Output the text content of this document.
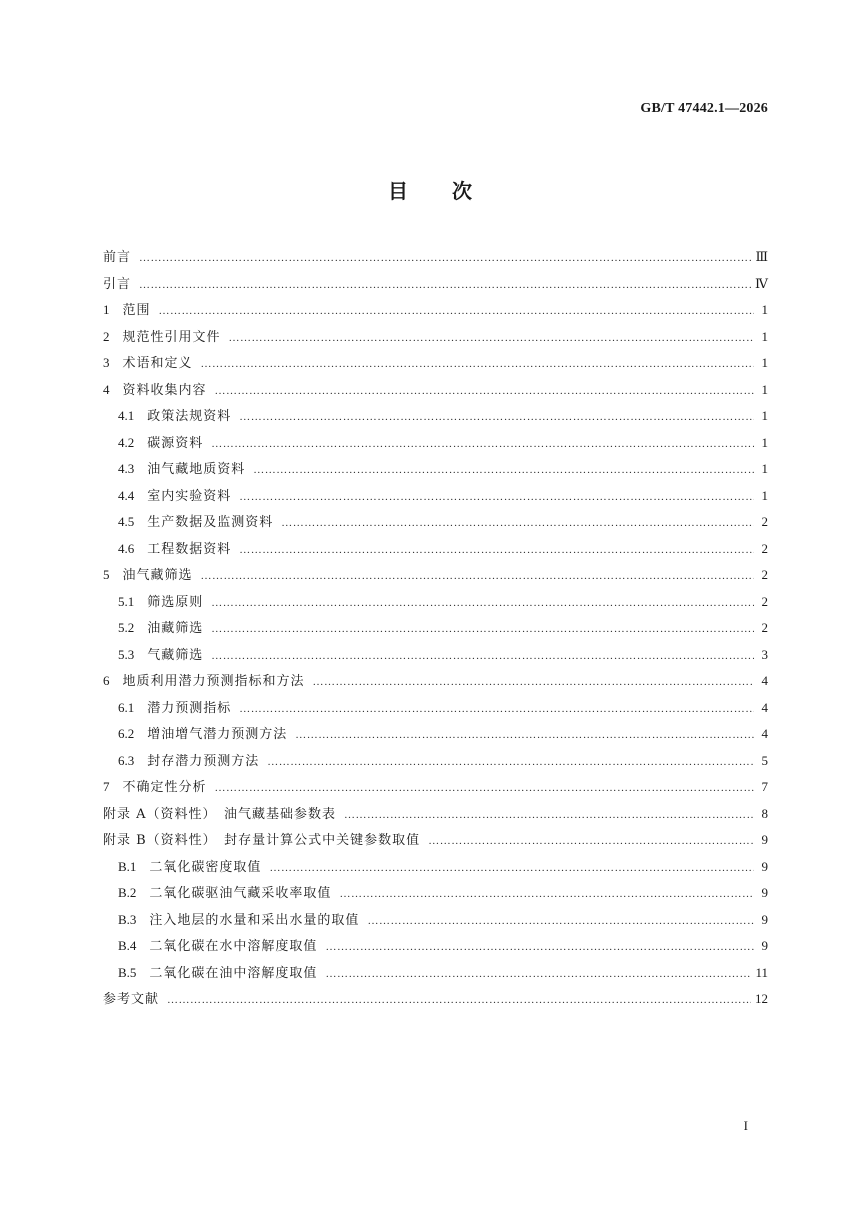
GB/T 47442.1—2026
目次
前言 ………………………………………………………………………………………………………………………………………………………………………………………………………………………………………	Ⅲ
引言 ………………………………………………………………………………………………………………………………………………………………………………………………………………………………………	Ⅳ
1 范围 ………………………………………………………………………………………………………………………………………………………………………………………………………………………………………	1
2 规范性引用文件 ………………………………………………………………………………………………………………………………………………………………………………………………………………………………………	1
3 术语和定义 ………………………………………………………………………………………………………………………………………………………………………………………………………………………………………	1
4 资料收集内容 ………………………………………………………………………………………………………………………………………………………………………………………………………………………………………	1
4.1 政策法规资料 ………………………………………………………………………………………………………………………………………………………………………………………………………………………………………	1
4.2 碳源资料 ………………………………………………………………………………………………………………………………………………………………………………………………………………………………………	1
4.3 油气藏地质资料 ………………………………………………………………………………………………………………………………………………………………………………………………………………………………………	1
4.4 室内实验资料 ………………………………………………………………………………………………………………………………………………………………………………………………………………………………………	1
4.5 生产数据及监测资料 ………………………………………………………………………………………………………………………………………………………………………………………………………………………………………	2
4.6 工程数据资料 ………………………………………………………………………………………………………………………………………………………………………………………………………………………………………	2
5 油气藏筛选 ………………………………………………………………………………………………………………………………………………………………………………………………………………………………………	2
5.1 筛选原则 ………………………………………………………………………………………………………………………………………………………………………………………………………………………………………	2
5.2 油藏筛选 ………………………………………………………………………………………………………………………………………………………………………………………………………………………………………	2
5.3 气藏筛选 ………………………………………………………………………………………………………………………………………………………………………………………………………………………………………	3
6 地质利用潜力预测指标和方法 ………………………………………………………………………………………………………………………………………………………………………………………………………………………………………	4
6.1 潜力预测指标 ………………………………………………………………………………………………………………………………………………………………………………………………………………………………………	4
6.2 增油增气潜力预测方法 ………………………………………………………………………………………………………………………………………………………………………………………………………………………………………	4
6.3 封存潜力预测方法 ………………………………………………………………………………………………………………………………………………………………………………………………………………………………………	5
7 不确定性分析 ………………………………………………………………………………………………………………………………………………………………………………………………………………………………………	7
附录 A（资料性）　油气藏基础参数表 ………………………………………………………………………………………………………………………………………………………………………………………………………………………………………	8
附录 B（资料性）　封存量计算公式中关键参数取值 ………………………………………………………………………………………………………………………………………………………………………………………………………………………………………	9
B.1 二氧化碳密度取值 ………………………………………………………………………………………………………………………………………………………………………………………………………………………………………	9
B.2 二氧化碳驱油气藏采收率取值 ………………………………………………………………………………………………………………………………………………………………………………………………………………………………………	9
B.3 注入地层的水量和采出水量的取值 ………………………………………………………………………………………………………………………………………………………………………………………………………………………………………	9
B.4 二氧化碳在水中溶解度取值 ………………………………………………………………………………………………………………………………………………………………………………………………………………………………………	9
B.5 二氧化碳在油中溶解度取值 ………………………………………………………………………………………………………………………………………………………………………………………………………………………………………	11
参考文献 ………………………………………………………………………………………………………………………………………………………………………………………………………………………………………	12
I
